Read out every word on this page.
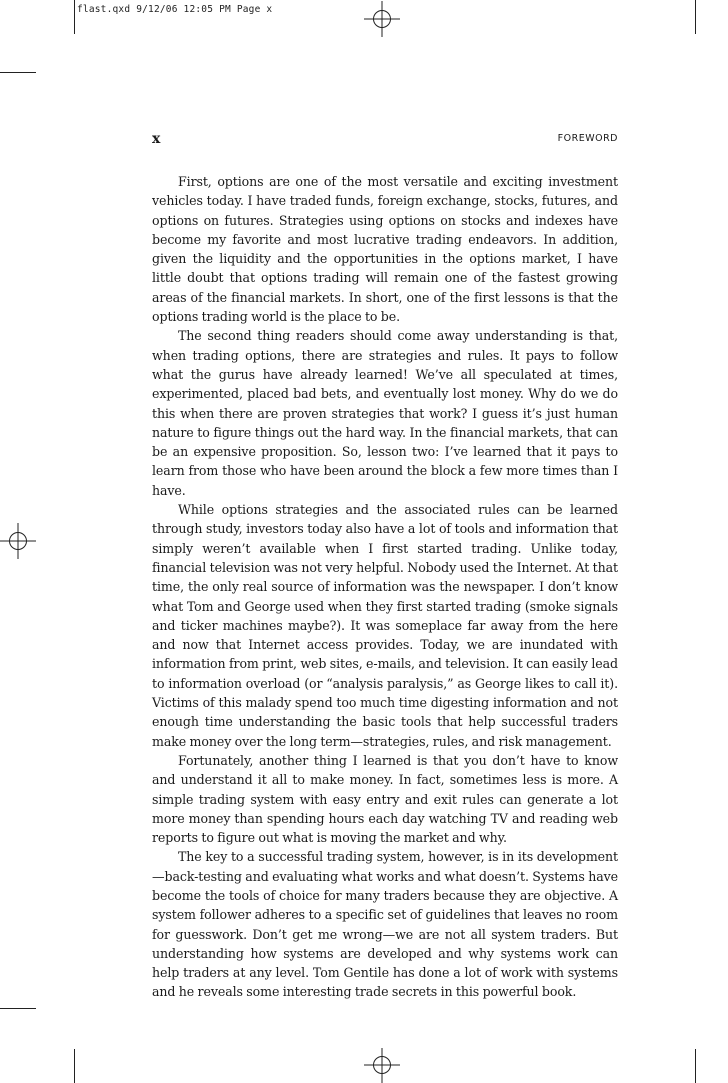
flast.qxd 9/12/06 12:05 PM Page x
x	FOREWORD

First, options are one of the most versatile and exciting investment vehicles today. I have traded funds, foreign exchange, stocks, futures, and options on futures. Strategies using options on stocks and indexes have become my favorite and most lucrative trading endeavors. In addition, given the liquidity and the opportunities in the options market, I have little doubt that options trading will remain one of the fastest growing areas of the financial markets. In short, one of the first lessons is that the options trading world is the place to be.

The second thing readers should come away understanding is that, when trading options, there are strategies and rules. It pays to follow what the gurus have already learned! We’ve all speculated at times, experimented, placed bad bets, and eventually lost money. Why do we do this when there are proven strategies that work? I guess it’s just human nature to figure things out the hard way. In the financial markets, that can be an expensive proposition. So, lesson two: I’ve learned that it pays to learn from those who have been around the block a few more times than I have.

While options strategies and the associated rules can be learned through study, investors today also have a lot of tools and information that simply weren’t available when I first started trading. Unlike today, financial television was not very helpful. Nobody used the Internet. At that time, the only real source of information was the newspaper. I don’t know what Tom and George used when they first started trading (smoke signals and ticker machines maybe?). It was someplace far away from the here and now that Internet access provides. Today, we are inundated with information from print, web sites, e-mails, and television. It can easily lead to information overload (or “analysis paralysis,” as George likes to call it). Victims of this malady spend too much time digesting information and not enough time understanding the basic tools that help successful traders make money over the long term—strategies, rules, and risk management.

Fortunately, another thing I learned is that you don’t have to know and understand it all to make money. In fact, sometimes less is more. A simple trading system with easy entry and exit rules can generate a lot more money than spending hours each day watching TV and reading web reports to figure out what is moving the market and why.

The key to a successful trading system, however, is in its development—back-testing and evaluating what works and what doesn’t. Systems have become the tools of choice for many traders because they are objective. A system follower adheres to a specific set of guidelines that leaves no room for guesswork. Don’t get me wrong—we are not all system traders. But understanding how systems are developed and why systems work can help traders at any level. Tom Gentile has done a lot of work with systems and he reveals some interesting trade secrets in this powerful book.
